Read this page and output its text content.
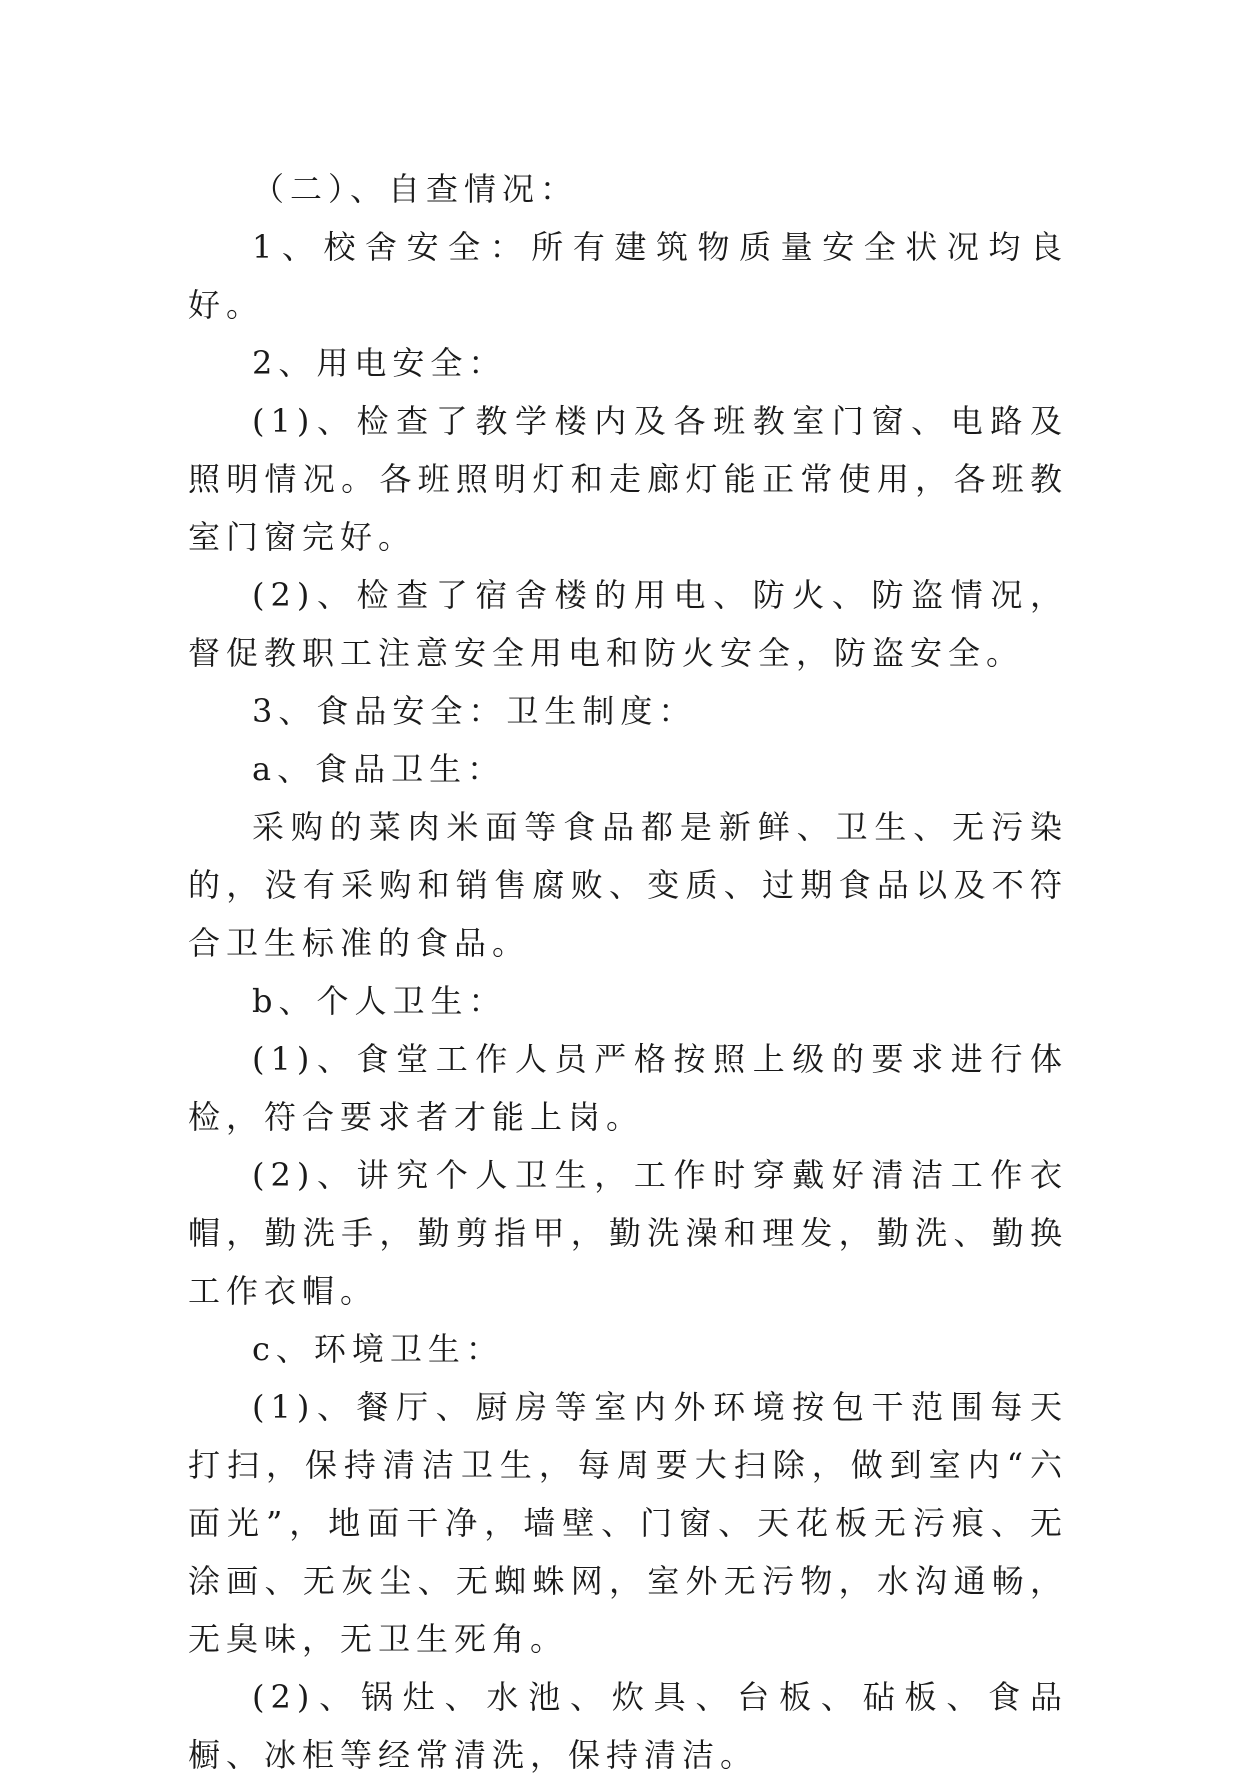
（二）、自查情况：

1、校舍安全：所有建筑物质量安全状况均良好。

2、用电安全：

(1)、检查了教学楼内及各班教室门窗、电路及照明情况。各班照明灯和走廊灯能正常使用，各班教室门窗完好。

(2)、检查了宿舍楼的用电、防火、防盗情况，督促教职工注意安全用电和防火安全，防盗安全。

3、食品安全：卫生制度：

a、食品卫生：

采购的菜肉米面等食品都是新鲜、卫生、无污染的，没有采购和销售腐败、变质、过期食品以及不符合卫生标准的食品。

b、个人卫生：

(1)、食堂工作人员严格按照上级的要求进行体检，符合要求者才能上岗。

(2)、讲究个人卫生，工作时穿戴好清洁工作衣帽，勤洗手，勤剪指甲，勤洗澡和理发，勤洗、勤换工作衣帽。

c、环境卫生：

(1)、餐厅、厨房等室内外环境按包干范围每天打扫，保持清洁卫生，每周要大扫除，做到室内“六面光”，地面干净，墙壁、门窗、天花板无污痕、无涂画、无灰尘、无蜘蛛网，室外无污物，水沟通畅，无臭味，无卫生死角。

(2)、锅灶、水池、炊具、台板、砧板、食品橱、冰柜等经常清洗，保持清洁。
